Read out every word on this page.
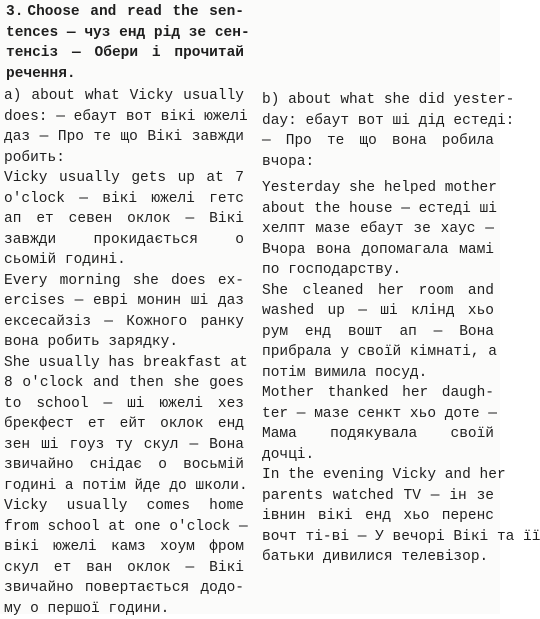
3. Choose and read the sen-
tences — чуз енд рід зе сен-
тенсіз — Обери і прочитай
речення.

a) about what Vicky usually
does: — ебаут вот вікі южелі
даз — Про те що Вікі завжди
робить:
Vicky usually gets up at 7
o'clock — вікі южелі гетс
ап ет севен оклок — Вікі
завжди прокидається о
сьомій годині.
Every morning she does ex-
ercises — еврі монин ші даз
ексесайзіз — Кожного ранку
вона робить зарядку.
She usually has breakfast at
8 o'clock and then she goes
to school — ші южелі хез
брекфест ет ейт оклок енд
зен ші гоуз ту скул — Вона
звичайно снідає о восьмій
годині а потім йде до школи.
Vicky usually comes home
from school at one o'clock —
вікі южелі камз хоум фром
скул ет ван оклок — Вікі
звичайно повертається додо-
му о першої години.
b) about what she did yester-
day: ебаут вот ші дід естеді:
— Про те що вона робила
вчора:
Yesterday she helped mother
about the house — естеді ші
хелпт мазе ебаут зе хаус —
Вчора вона допомагала мамі
по господарству.
She cleaned her room and
washed up — ші клінд хьо
рум енд вошт ап — Вона
прибрала у своїй кімнаті, а
потім вимила посуд.
Mother thanked her daugh-
ter — мазе сенкт хьо доте —
Мама подякувала своїй
дочці.
In the evening Vicky and her
parents watched TV — ін зе
івнин вікі енд хьо перенс
вочт ті-ві — У вечорі Вікі та її
батьки дивилися телевізор.
